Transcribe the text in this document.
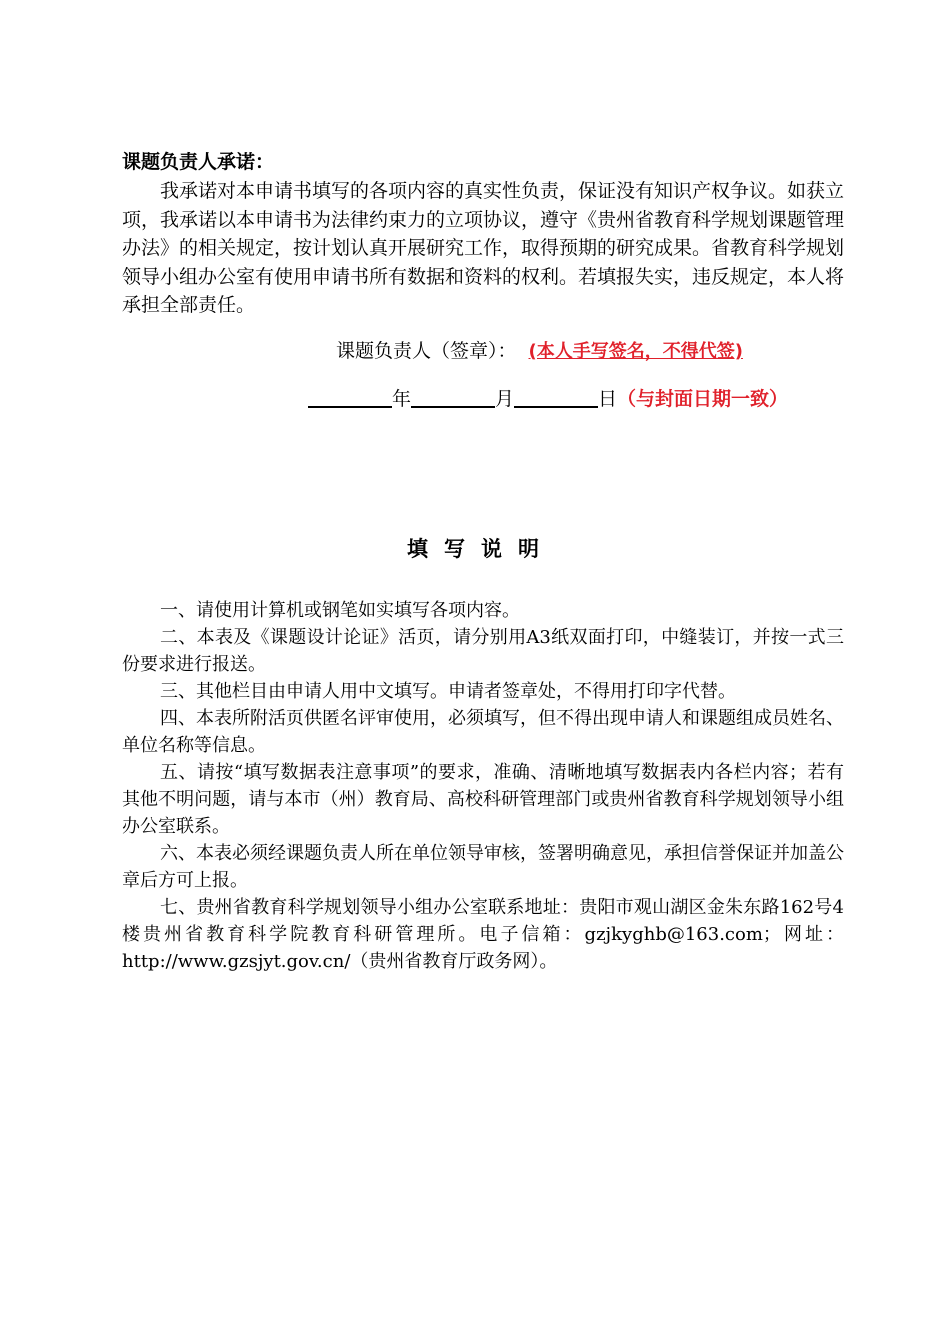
课题负责人承诺：

我承诺对本申请书填写的各项内容的真实性负责，保证没有知识产权争议。如获立项，我承诺以本申请书为法律约束力的立项协议，遵守《贵州省教育科学规划课题管理办法》的相关规定，按计划认真开展研究工作，取得预期的研究成果。省教育科学规划领导小组办公室有使用申请书所有数据和资料的权利。若填报失实，违反规定，本人将承担全部责任。

课题负责人（签章）： (本人手写签名，不得代签)
年	月	日（与封面日期一致）
填写说明
一、请使用计算机或钢笔如实填写各项内容。
二、本表及《课题设计论证》活页，请分别用A3纸双面打印，中缝装订，并按一式三份要求进行报送。
三、其他栏目由申请人用中文填写。申请者签章处，不得用打印字代替。
四、本表所附活页供匿名评审使用，必须填写，但不得出现申请人和课题组成员姓名、单位名称等信息。
五、请按“填写数据表注意事项”的要求，准确、清晰地填写数据表内各栏内容；若有其他不明问题，请与本市（州）教育局、高校科研管理部门或贵州省教育科学规划领导小组办公室联系。
六、本表必须经课题负责人所在单位领导审核，签署明确意见，承担信誉保证并加盖公章后方可上报。
七、贵州省教育科学规划领导小组办公室联系地址：贵阳市观山湖区金朱东路162号4楼贵州省教育科学院教育科研管理所。电子信箱：gzjkyghb@163.com；网址：http://www.gzsjyt.gov.cn/（贵州省教育厅政务网）。
